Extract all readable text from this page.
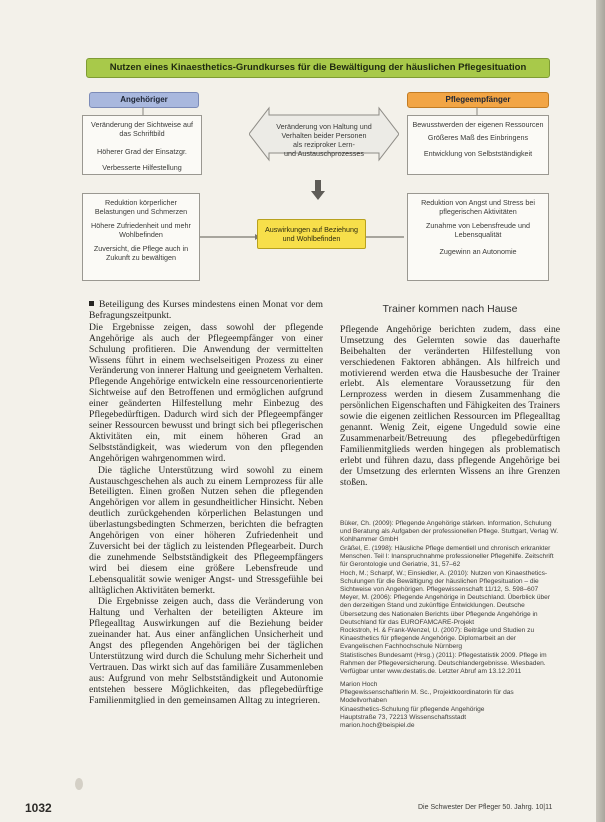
Nutzen eines Kinaesthetics-Grundkurses für die Bewältigung der häuslichen Pflegesituation
Angehöriger	Pflegeempfänger
Veränderung der Sichtweise auf das Schriftbild
Höherer Grad der Einsatzgr.
Verbesserte Hilfestellung
Veränderung von Haltung und
Verhalten beider Personen
als reziproker Lern-
und Austauschprozesses
Bewusstwerden der eigenen Ressourcen
Größeres Maß des Einbringens
Entwicklung von Selbstständigkeit
Reduktion körperlicher Belastungen und Schmerzen
Höhere Zufriedenheit und mehr Wohlbefinden
Zuversicht, die Pflege auch in Zukunft zu bewältigen
Auswirkungen auf Beziehung
und Wohlbefinden
Reduktion von Angst und Stress bei pflegerischen Aktivitäten
Zunahme von Lebensfreude und Lebensqualität
Zugewinn an Autonomie

Beteiligung des Kurses mindestens einen Monat vor dem Befragungszeitpunkt.

Die Ergebnisse zeigen, dass sowohl der pflegende Angehörige als auch der Pflegeempfänger von einer Schulung profitieren. Die Anwendung der vermittelten Wissens führt in einem wechselseitigen Prozess zu einer Veränderung von innerer Haltung und geeignetem Verhalten. Pflegende Angehörige entwickeln eine ressourcenorientierte Sichtweise auf den Betroffenen und ermöglichen aufgrund einer geänderten Hilfestellung mehr Einbezug des Pflegebedürftigen. Dadurch wird sich der Pflegeempfänger seiner Ressourcen bewusst und bringt sich bei pflegerischen Aktivitäten ein, mit einem höheren Grad an Selbstständigkeit, was wiederum von den pflegenden Angehörigen wahrgenommen wird.

Die tägliche Unterstützung wird sowohl zu einem Austauschgeschehen als auch zu einem Lernprozess für alle Beteiligten. Einen großen Nutzen sehen die pflegenden Angehörigen vor allem in gesundheitlicher Hinsicht. Neben deutlich zurückgehenden körperlichen Belastungen und überlastungsbedingten Schmerzen, berichten die befragten Angehörigen von einer höheren Zufriedenheit und Zuversicht bei der täglich zu leistenden Pflegearbeit. Durch die zunehmende Selbstständigkeit des Pflegeempfängers wird bei diesem eine größere Lebensfreude und Lebensqualität sowie weniger Angst- und Stressgefühle bei alltäglichen Aktivitäten bemerkt.

Die Ergebnisse zeigen auch, dass die Veränderung von Haltung und Verhalten der beteiligten Akteure im Pflegealltag Auswirkungen auf die Beziehung beider zueinander hat. Aus einer anfänglichen Unsicherheit und Angst des pflegenden Angehörigen bei der täglichen Unterstützung wird durch die Schulung mehr Sicherheit und Vertrauen. Das wirkt sich auf das familiäre Zusammenleben aus: Aufgrund von mehr Selbstständigkeit und Autonomie entstehen bessere Möglichkeiten, das pflegebedürftige Familienmitglied in den gemeinsamen Alltag zu integrieren.

Trainer kommen nach Hause

Pflegende Angehörige berichten zudem, dass eine Umsetzung des Gelernten sowie das dauerhafte Beibehalten der veränderten Hilfestellung von verschiedenen Faktoren abhängen. Als hilfreich und motivierend werden etwa die Hausbesuche der Trainer erlebt. Als elementare Voraussetzung für den Lernprozess werden in diesem Zusammenhang die persönlichen Eigenschaften und Fähigkeiten des Trainers sowie die eigenen zeitlichen Ressourcen im Pflegealltag genannt. Wenig Zeit, eigene Ungeduld sowie eine Zusammenarbeit/Betreuung des pflegebedürftigen Familienmitglieds werden hingegen als problematisch erlebt und führen dazu, dass pflegende Angehörige bei der Umsetzung des erlernten Wissens an ihre Grenzen stoßen.

Büker, Ch. (2009): Pflegende Angehörige stärken. Information, Schulung und Beratung als Aufgaben der professionellen Pflege. Stuttgart, Verlag W. Kohlhammer GmbH
Gräßel, E. (1998): Häusliche Pflege dementiell und chronisch erkrankter Menschen. Teil I: Inanspruchnahme professioneller Pflegehilfe. Zeitschrift für Gerontologie und Geriatrie, 31, 57–62
Hoch, M.; Scharpf, W.; Einsiedler, A. (2010): Nutzen von Kinaesthetics-Schulungen für die Bewältigung der häuslichen Pflegesituation – die Sichtweise von Angehörigen. Pflegewissenschaft 11/12, S. 598–607
Meyer, M. (2006): Pflegende Angehörige in Deutschland. Überblick über den derzeitigen Stand und zukünftige Entwicklungen. Deutsche Übersetzung des Nationalen Berichts über Pflegende Angehörige in Deutschland für das EUROFAMCARE-Projekt
Rockstroh, H. & Frank-Wenzel, U. (2007): Beiträge und Studien zu Kinaesthetics für pflegende Angehörige. Diplomarbeit an der Evangelischen Fachhochschule Nürnberg
Statistisches Bundesamt (Hrsg.) (2011): Pflegestatistik 2009. Pflege im Rahmen der Pflegeversicherung. Deutschlandergebnisse. Wiesbaden. Verfügbar unter www.destatis.de. Letzter Abruf am 13.12.2011
Marion Hoch
Pflegewissenschaftlerin M. Sc., Projektkoordinatorin für das Modellvorhaben
Kinaesthetics-Schulung für pflegende Angehörige
Hauptstraße 73, 72213 Wissenschaftsstadt
marion.hoch@beispiel.de
1032	Die Schwester Der Pfleger 50. Jahrg. 10|11
